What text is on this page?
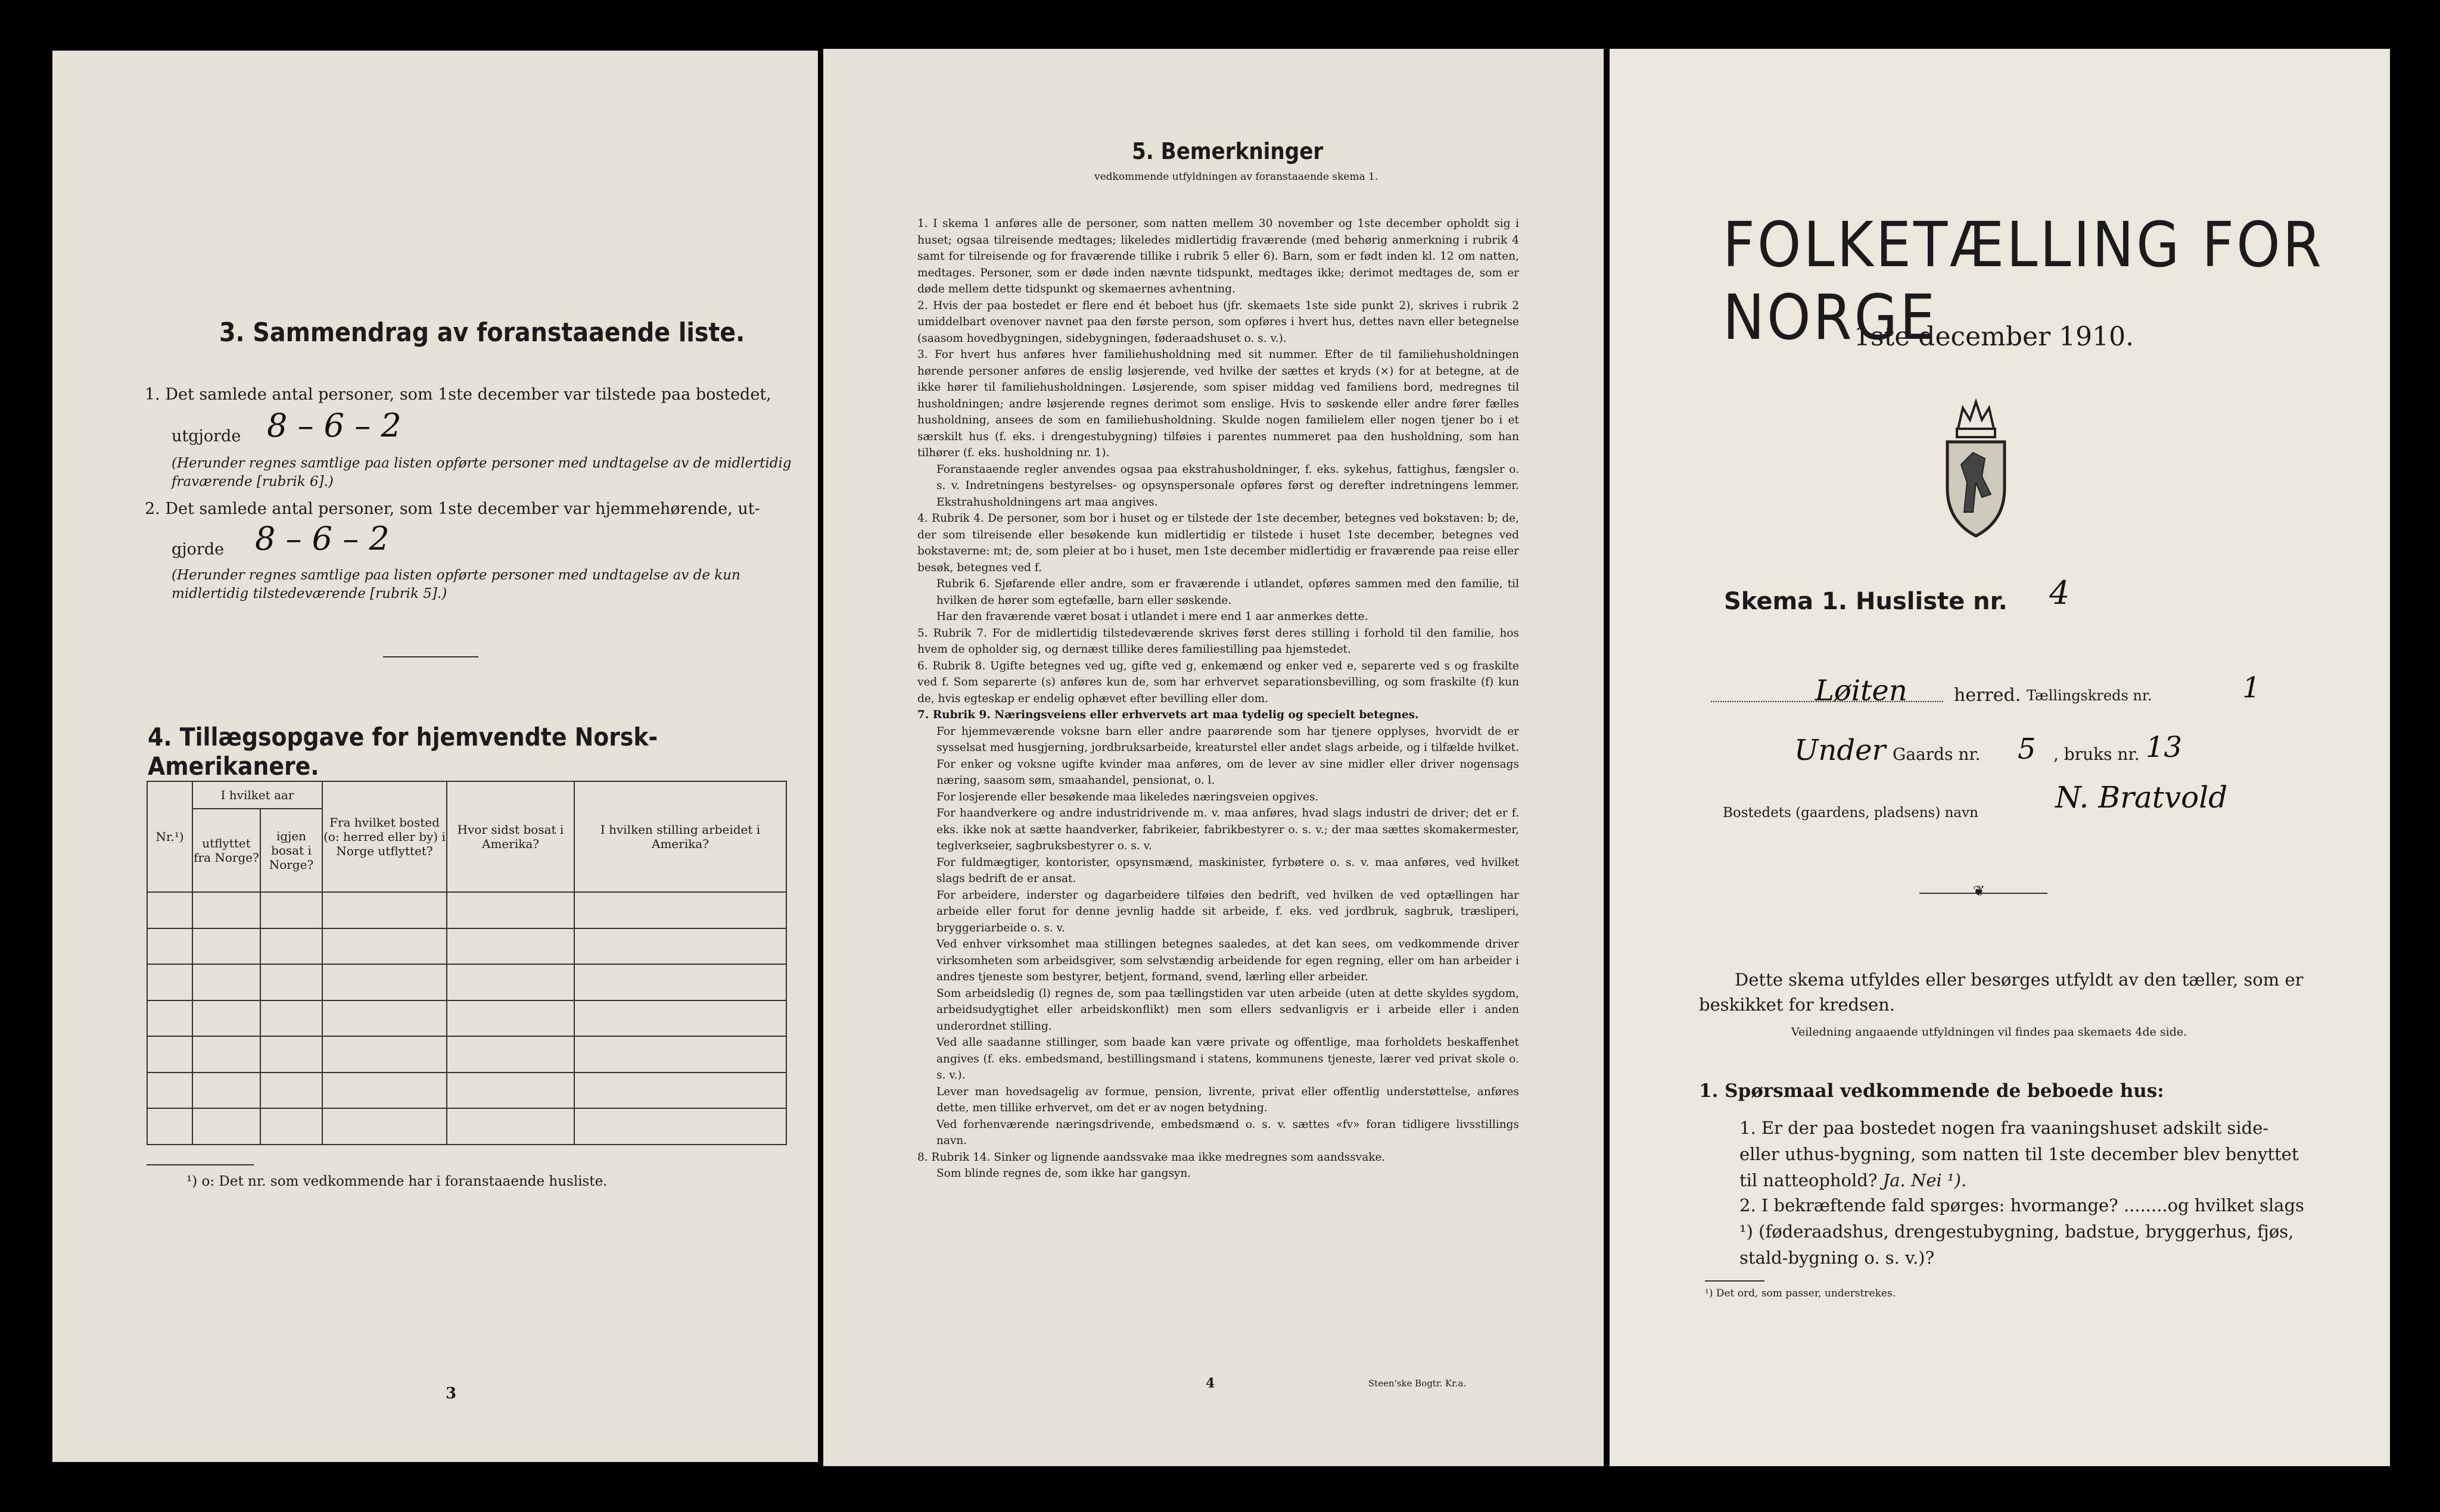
3. Sammendrag av foranstaaende liste.
1. Det samlede antal personer, som 1ste december var tilstede paa bostedet,
utgjorde 8 – 6 – 2
(Herunder regnes samtlige paa listen opførte personer med undtagelse av de midlertidig fraværende [rubrik 6].)
2. Det samlede antal personer, som 1ste december var hjemmehørende, ut-
gjorde 8 – 6 – 2
(Herunder regnes samtlige paa listen opførte personer med undtagelse av de kun midlertidig tilstedeværende [rubrik 5].)
4. Tillægsopgave for hjemvendte Norsk-Amerikanere.
Nr.¹)	I hvilket aar		Fra hvilket bosted (o: herred eller by) i Norge utflyttet?	Hvor sidst bosat i Amerika?	I hvilken stilling arbeidet i Amerika?
	utflyttet fra Norge?	igjen bosat i Norge?			

¹) o: Det nr. som vedkommende har i foranstaaende husliste.
3
5. Bemerkninger
vedkommende utfyldningen av foranstaaende skema 1.

1. I skema 1 anføres alle de personer, som natten mellem 30 november og 1ste december opholdt sig i huset; ogsaa tilreisende medtages; likeledes midlertidig fraværende (med behørig anmerkning i rubrik 4 samt for tilreisende og for fraværende tillike i rubrik 5 eller 6). Barn, som er født inden kl. 12 om natten, medtages. Personer, som er døde inden nævnte tidspunkt, medtages ikke; derimot medtages de, som er døde mellem dette tidspunkt og skemaernes avhentning.

2. Hvis der paa bostedet er flere end ét beboet hus (jfr. skemaets 1ste side punkt 2), skrives i rubrik 2 umiddelbart ovenover navnet paa den første person, som opføres i hvert hus, dettes navn eller betegnelse (saasom hovedbygningen, sidebygningen, føderaadshuset o. s. v.).

3. For hvert hus anføres hver familiehusholdning med sit nummer. Efter de til familiehusholdningen hørende personer anføres de enslig løsjerende, ved hvilke der sættes et kryds (×) for at betegne, at de ikke hører til familiehusholdningen. Løsjerende, som spiser middag ved familiens bord, medregnes til husholdningen; andre løsjerende regnes derimot som enslige. Hvis to søskende eller andre fører fælles husholdning, ansees de som en familiehusholdning. Skulde nogen familielem eller nogen tjener bo i et særskilt hus (f. eks. i drengestubygning) tilføies i parentes nummeret paa den husholdning, som han tilhører (f. eks. husholdning nr. 1).

Foranstaaende regler anvendes ogsaa paa ekstrahusholdninger, f. eks. sykehus, fattighus, fængsler o. s. v. Indretningens bestyrelses- og opsynspersonale opføres først og derefter indretningens lemmer. Ekstrahusholdningens art maa angives.

4. Rubrik 4. De personer, som bor i huset og er tilstede der 1ste december, betegnes ved bokstaven: b; de, der som tilreisende eller besøkende kun midlertidig er tilstede i huset 1ste december, betegnes ved bokstaverne: mt; de, som pleier at bo i huset, men 1ste december midlertidig er fraværende paa reise eller besøk, betegnes ved f.

Rubrik 6. Sjøfarende eller andre, som er fraværende i utlandet, opføres sammen med den familie, til hvilken de hører som egtefælle, barn eller søskende.

Har den fraværende været bosat i utlandet i mere end 1 aar anmerkes dette.

5. Rubrik 7. For de midlertidig tilstedeværende skrives først deres stilling i forhold til den familie, hos hvem de opholder sig, og dernæst tillike deres familiestilling paa hjemstedet.

6. Rubrik 8. Ugifte betegnes ved ug, gifte ved g, enkemænd og enker ved e, separerte ved s og fraskilte ved f. Som separerte (s) anføres kun de, som har erhvervet separationsbevilling, og som fraskilte (f) kun de, hvis egteskap er endelig ophævet efter bevilling eller dom.

7. Rubrik 9. Næringsveiens eller erhvervets art maa tydelig og specielt betegnes.

For hjemmeværende voksne barn eller andre paarørende som har tjenere opplyses, hvorvidt de er sysselsat med husgjerning, jordbruksarbeide, kreaturstel eller andet slags arbeide, og i tilfælde hvilket. For enker og voksne ugifte kvinder maa anføres, om de lever av sine midler eller driver nogensags næring, saasom søm, smaahandel, pensionat, o. l.

For losjerende eller besøkende maa likeledes næringsveien opgives.

For haandverkere og andre industridrivende m. v. maa anføres, hvad slags industri de driver; det er f. eks. ikke nok at sætte haandverker, fabrikeier, fabrikbestyrer o. s. v.; der maa sættes skomakermester, teglverkseier, sagbruksbestyrer o. s. v.

For fuldmægtiger, kontorister, opsynsmænd, maskinister, fyrbøtere o. s. v. maa anføres, ved hvilket slags bedrift de er ansat.

For arbeidere, inderster og dagarbeidere tilføies den bedrift, ved hvilken de ved optællingen har arbeide eller forut for denne jevnlig hadde sit arbeide, f. eks. ved jordbruk, sagbruk, træsliperi, bryggeriarbeide o. s. v.

Ved enhver virksomhet maa stillingen betegnes saaledes, at det kan sees, om vedkommende driver virksomheten som arbeidsgiver, som selvstændig arbeidende for egen regning, eller om han arbeider i andres tjeneste som bestyrer, betjent, formand, svend, lærling eller arbeider.

Som arbeidsledig (l) regnes de, som paa tællingstiden var uten arbeide (uten at dette skyldes sygdom, arbeidsudygtighet eller arbeidskonflikt) men som ellers sedvanligvis er i arbeide eller i anden underordnet stilling.

Ved alle saadanne stillinger, som baade kan være private og offentlige, maa forholdets beskaffenhet angives (f. eks. embedsmand, bestillingsmand i statens, kommunens tjeneste, lærer ved privat skole o. s. v.).

Lever man hovedsagelig av formue, pension, livrente, privat eller offentlig understøttelse, anføres dette, men tillike erhvervet, om det er av nogen betydning.

Ved forhenværende næringsdrivende, embedsmænd o. s. v. sættes «fv» foran tidligere livsstillings navn.

8. Rubrik 14. Sinker og lignende aandssvake maa ikke medregnes som aandssvake.

Som blinde regnes de, som ikke har gangsyn.

4	Steen'ske Bogtr. Kr.a.
FOLKETÆLLING FOR NORGE
1ste december 1910.
Skema 1. Husliste nr. 4
Løiten	herred. Tællingskreds nr.	1
Under Gaards nr. 5 , bruks nr. 13
Bostedets (gaardens, pladsens) navn	N. Bratvold
❦
Dette skema utfyldes eller besørges utfyldt av den tæller, som er beskikket for kredsen.
Veiledning angaaende utfyldningen vil findes paa skemaets 4de side.
1. Spørsmaal vedkommende de beboede hus:
1. Er der paa bostedet nogen fra vaaningshuset adskilt side- eller uthus-bygning, som natten til 1ste december blev benyttet til natteophold? Ja. Nei ¹).
2. I bekræftende fald spørges: hvormange? ........og hvilket slags ¹) (føderaadshus, drengestubygning, badstue, bryggerhus, fjøs, stald-bygning o. s. v.)?
¹) Det ord, som passer, understrekes.
